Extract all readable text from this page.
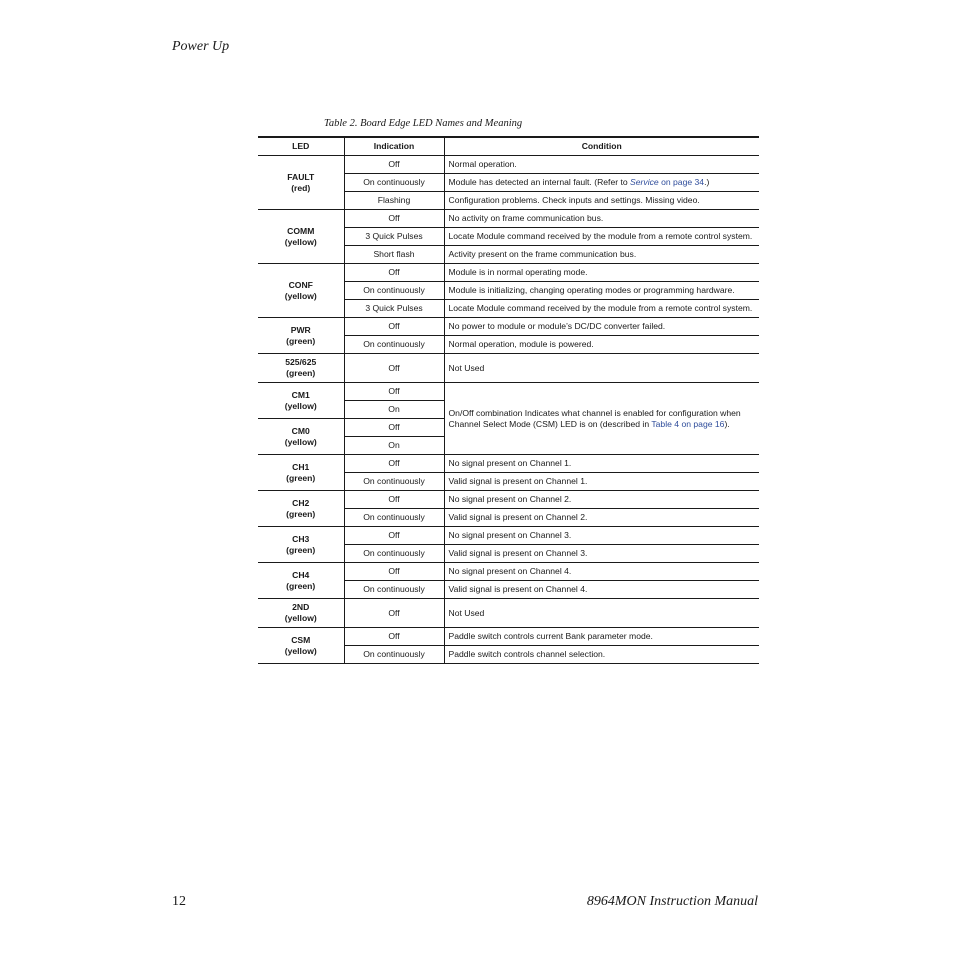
Power Up
Table 2. Board Edge LED Names and Meaning
LED	Indication	Condition
FAULT
(red)	Off	Normal operation.
	On continuously	Module has detected an internal fault. (Refer to Service on page 34.)
	Flashing	Configuration problems. Check inputs and settings. Missing video.
COMM
(yellow)	Off	No activity on frame communication bus.
	3 Quick Pulses	Locate Module command received by the module from a remote control system.
	Short flash	Activity present on the frame communication bus.
CONF
(yellow)	Off	Module is in normal operating mode.
	On continuously	Module is initializing, changing operating modes or programming hardware.
	3 Quick Pulses	Locate Module command received by the module from a remote control system.
PWR
(green)	Off	No power to module or module’s DC/DC converter failed.
	On continuously	Normal operation, module is powered.
525/625
(green)	Off	Not Used
CM1
(yellow)	Off	On/Off combination Indicates what channel is enabled for configuration when Channel Select Mode (CSM) LED is on (described in Table 4 on page 16).
	On	
CM0
(yellow)	Off	
	On	
CH1
(green)	Off	No signal present on Channel 1.
	On continuously	Valid signal is present on Channel 1.
CH2
(green)	Off	No signal present on Channel 2.
	On continuously	Valid signal is present on Channel 2.
CH3
(green)	Off	No signal present on Channel 3.
	On continuously	Valid signal is present on Channel 3.
CH4
(green)	Off	No signal present on Channel 4.
	On continuously	Valid signal is present on Channel 4.
2ND
(yellow)	Off	Not Used
CSM
(yellow)	Off	Paddle switch controls current Bank parameter mode.
	On continuously	Paddle switch controls channel selection.
12	8964MON Instruction Manual
